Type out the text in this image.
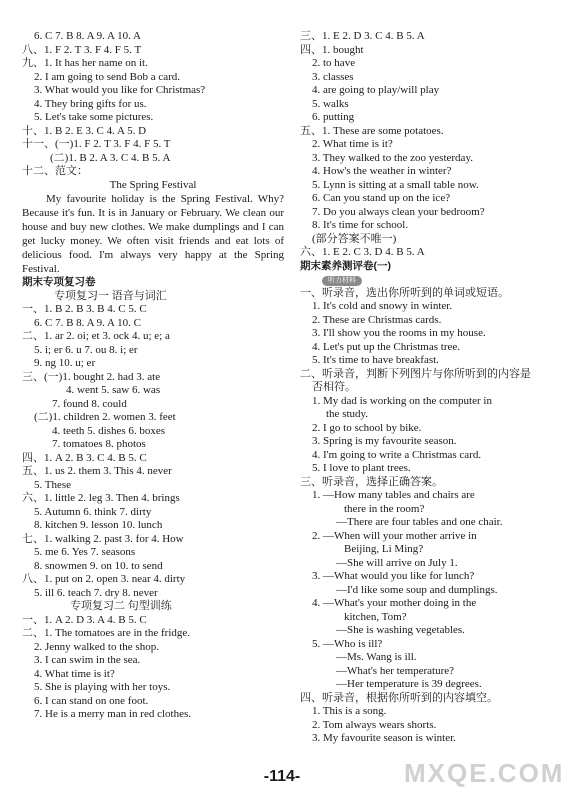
6. C 7. B 8. A 9. A 10. A
八、1. F 2. T 3. F 4. F 5. T
九、1. It has her name on it.
2. I am going to send Bob a card.
3. What would you like for Christmas?
4. They bring gifts for us.
5. Let's take some pictures.
十、1. B 2. E 3. C 4. A 5. D
十一、(一)1. F 2. T 3. F 4. F 5. T
(二)1. B 2. A 3. C 4. B 5. A
十二、范文：
The Spring Festival
My favourite holiday is the Spring Festival. Why? Because it's fun. It is in January or February. We clean our house and buy new clothes. We make dumplings and I can get lucky money. We often visit friends and eat lots of delicious food. I'm always very happy at the Spring Festival.
期末专项复习卷
专项复习一 语音与词汇
一、1. B 2. B 3. B 4. C 5. C
6. C 7. B 8. A 9. A 10. C
二、1. ar 2. oi; et 3. ock 4. u; e; a
5. i; er 6. u 7. ou 8. i; er
9. ng 10. u; er
三、(一)1. bought 2. had 3. ate
4. went 5. saw 6. was
7. found 8. could
(二)1. children 2. women 3. feet
4. teeth 5. dishes 6. boxes
7. tomatoes 8. photos
四、1. A 2. B 3. C 4. B 5. C
五、1. us 2. them 3. This 4. never
5. These
六、1. little 2. leg 3. Then 4. brings
5. Autumn 6. think 7. dirty
8. kitchen 9. lesson 10. lunch
七、1. walking 2. past 3. for 4. How
5. me 6. Yes 7. seasons
8. snowmen 9. on 10. to send
八、1. put on 2. open 3. near 4. dirty
5. ill 6. teach 7. dry 8. never
专项复习二 句型训练
一、1. A 2. D 3. A 4. B 5. C
二、1. The tomatoes are in the fridge.
2. Jenny walked to the shop.
3. I can swim in the sea.
4. What time is it?
5. She is playing with her toys.
6. I can stand on one foot.
7. He is a merry man in red clothes.
三、1. E 2. D 3. C 4. B 5. A
四、1. bought
2. to have
3. classes
4. are going to play/will play
5. walks
6. putting
五、1. These are some potatoes.
2. What time is it?
3. They walked to the zoo yesterday.
4. How's the weather in winter?
5. Lynn is sitting at a small table now.
6. Can you stand up on the ice?
7. Do you always clean your bedroom?
8. It's time for school.
(部分答案不唯一)
六、1. E 2. C 3. D 4. B 5. A
期末素养测评卷(一)
听力材料
一、听录音，选出你所听到的单词或短语。
1. It's cold and snowy in winter.
2. These are Christmas cards.
3. I'll show you the rooms in my house.
4. Let's put up the Christmas tree.
5. It's time to have breakfast.
二、听录音，判断下列图片与你所听到的内容是
否相符。
1. My dad is working on the computer in
the study.
2. I go to school by bike.
3. Spring is my favourite season.
4. I'm going to write a Christmas card.
5. I love to plant trees.
三、听录音，选择正确答案。
1. —How many tables and chairs are
there in the room?
—There are four tables and one chair.
2. —When will your mother arrive in
Beijing, Li Ming?
—She will arrive on July 1.
3. —What would you like for lunch?
—I'd like some soup and dumplings.
4. —What's your mother doing in the
kitchen, Tom?
—She is washing vegetables.
5. —Who is ill?
—Ms. Wang is ill.
—What's her temperature?
—Her temperature is 39 degrees.
四、听录音，根据你所听到的内容填空。
1. This is a song.
2. Tom always wears shorts.
3. My favourite season is winter.
MXQE.COM
-114-
